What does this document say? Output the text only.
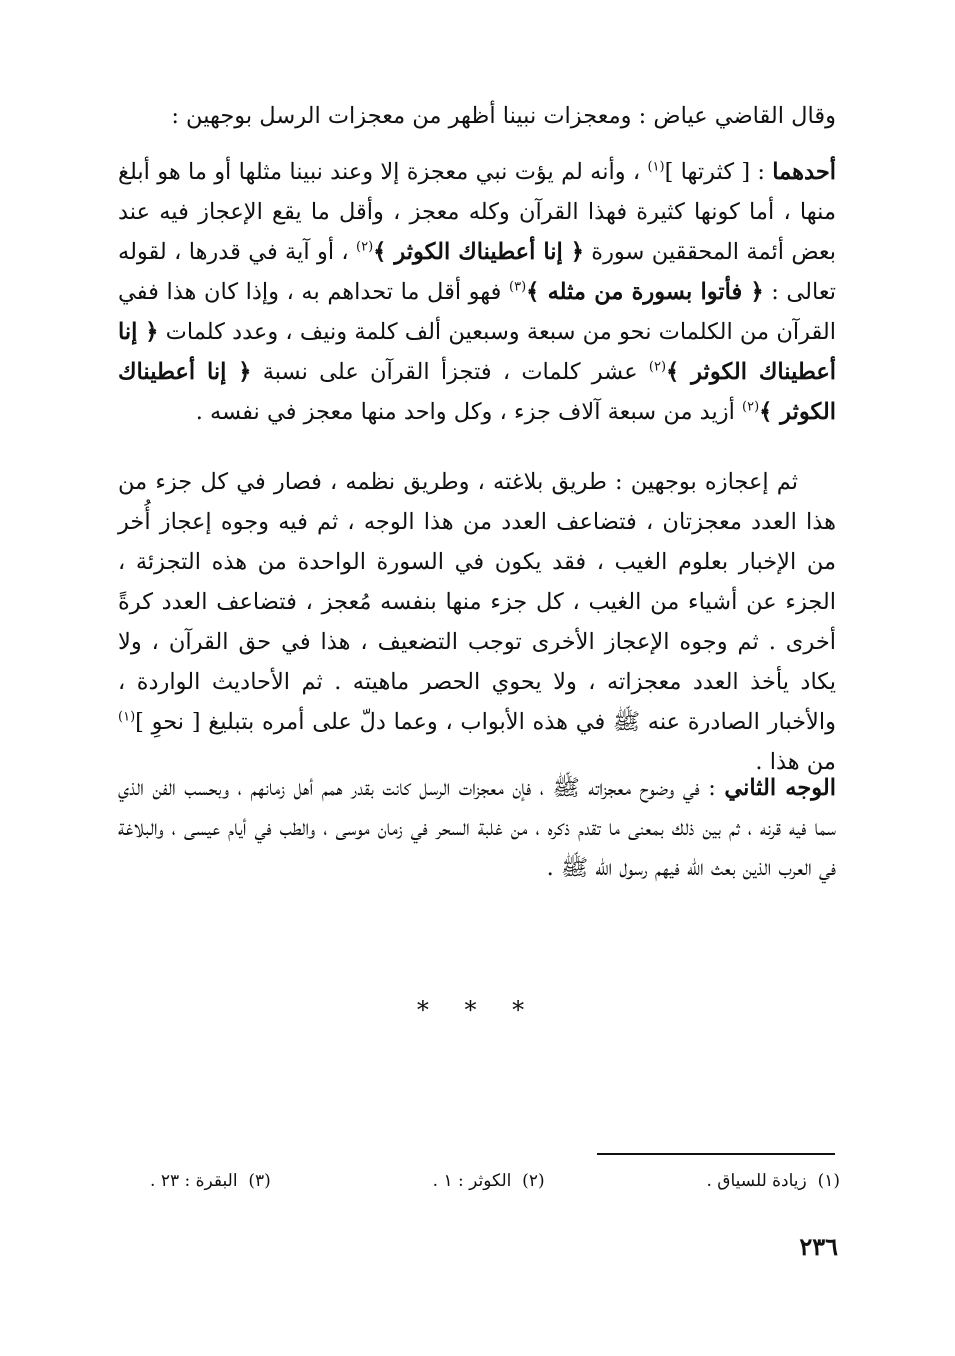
وقال القاضي عياض : ومعجزات نبينا أظهر من معجزات الرسل بوجهين :

أحدهما : [ كثرتها ]$^{(١)}$ ، وأنه لم يؤت نبي معجزة إلا وعند نبينا مثلها أو ما هو أبلغ منها ، أما كونها كثيرة فهذا القرآن وكله معجز ، وأقل ما يقع الإعجاز فيه عند بعض أئمة المحققين سورة ﴿ إنا أعطيناك الكوثر ﴾$^{(٢)}$ ، أو آية في قدرها ، لقوله تعالى : ﴿ فأتوا بسورة من مثله ﴾$^{(٣)}$ فهو أقل ما تحداهم به ، وإذا كان هذا ففي القرآن من الكلمات نحو من سبعة وسبعين ألف كلمة ونيف ، وعدد كلمات ﴿ إنا أعطيناك الكوثر ﴾$^{(٢)}$ عشر كلمات ، فتجزأ القرآن على نسبة ﴿ إنا أعطيناك الكوثر ﴾$^{(٢)}$ أزيد من سبعة آلاف جزء ، وكل واحد منها معجز في نفسه .

ثم إعجازه بوجهين : طريق بلاغته ، وطريق نظمه ، فصار في كل جزء من هذا العدد معجزتان ، فتضاعف العدد من هذا الوجه ، ثم فيه وجوه إعجاز أُخر من الإخبار بعلوم الغيب ، فقد يكون في السورة الواحدة من هذه التجزئة ، الجزء عن أشياء من الغيب ، كل جزء منها بنفسه مُعجز ، فتضاعف العدد كرةً أخرى . ثم وجوه الإعجاز الأخرى توجب التضعيف ، هذا في حق القرآن ، ولا يكاد يأخذ العدد معجزاته ، ولا يحوي الحصر ماهيته . ثم الأحاديث الواردة ، والأخبار الصادرة عنه ﷺ في هذه الأبواب ، وعما دلّ على أمره بتبليغ [ نحوِ ]$^{(١)}$ من هذا .

الوجه الثاني : في وضوح معجزاته ﷺ ، فإن معجزات الرسل كانت بقدر همم أهل زمانهم ، وبحسب الفن الذي سما فيه قرنه ، ثم بين ذلك بمعنى ما تقدم ذكره ، من غلبة السحر في زمان موسى ، والطب في أيام عيسى ، والبلاغة في العرب الذين بعث الله فيهم رسول الله ﷺ .

* * *
(١)  زيادة للسياق .
(٢)  الكوثر : ١ .
(٣)  البقرة : ٢٣ .
٢٣٦
